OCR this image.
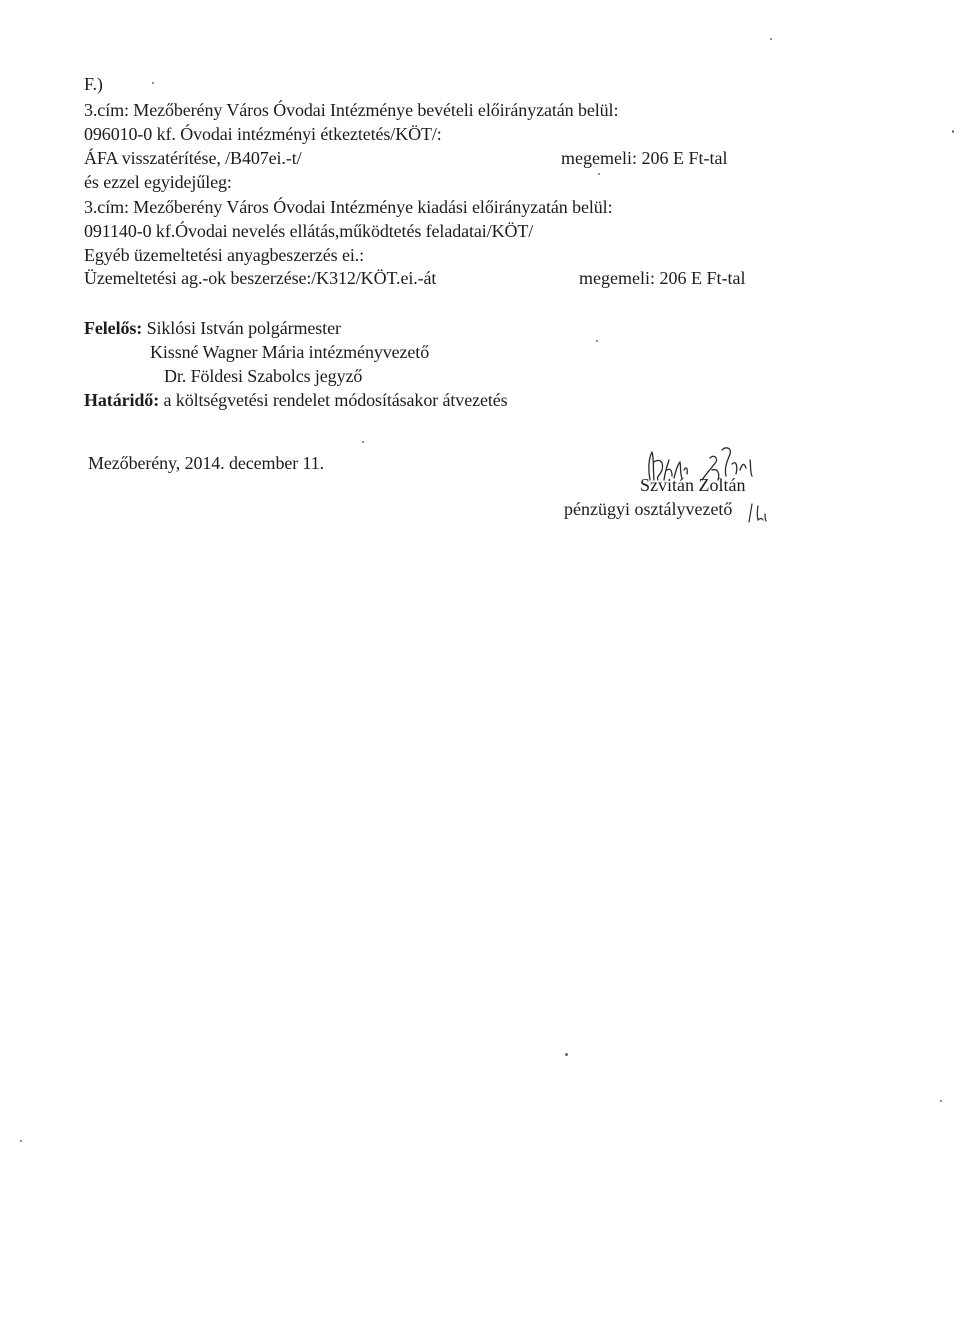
F.)
3.cím: Mezőberény Város Óvodai Intézménye bevételi előirányzatán belül:
096010-0 kf. Óvodai intézményi étkeztetés/KÖT/:
ÁFA visszatérítése, /B407ei.-t/	megemeli: 206 E Ft-tal
és ezzel egyidejűleg:
3.cím: Mezőberény Város Óvodai Intézménye kiadási előirányzatán belül:
091140-0 kf.Óvodai nevelés ellátás,működtetés feladatai/KÖT/
Egyéb üzemeltetési anyagbeszerzés ei.:
Üzemeltetési ag.-ok beszerzése:/K312/KÖT.ei.-át	megemeli: 206 E Ft-tal
Felelős: Siklósi István polgármester
Kissné Wagner Mária intézményvezető
Dr. Földesi Szabolcs jegyző
Határidő: a költségvetési rendelet módosításakor átvezetés
Mezőberény, 2014. december 11.
Szvitán Zoltán
pénzügyi osztályvezető
